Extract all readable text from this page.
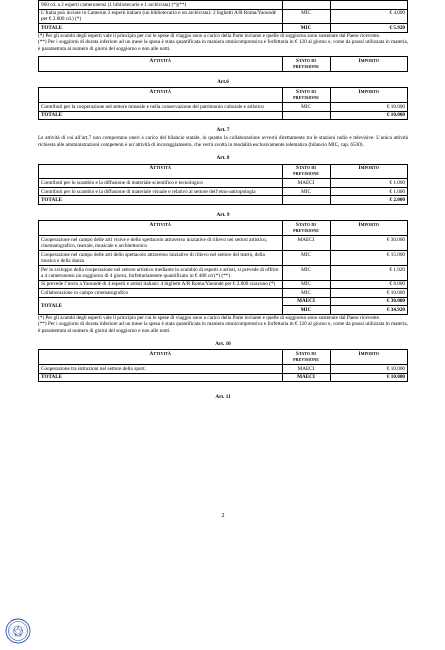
960 cd. a 2 esperti camerunensi (1 bibliotecario e 1 archivista) (*)(**)		
L’Italia può inviare in Camerun 2 esperti italiani (un bibliotecario e un archivista): 2 biglietti A/R Roma/Yaoundé per € 2.000 cd.) (*)	MIC	€ 4.000
TOTALE	MIC	€ 5.920

(*) Per gli scambi degli esperti vale il principio per cui le spese di viaggio sono a carico della Parte inviante e quelle di soggiorno sono sostenute dal Paese ricevente.

(**) Per i soggiorni di durata inferiore ad un mese la spesa è stata quantificata in maniera omnicomprensiva e forfettaria in € 120 al giorno e, come da prassi utilizzata in materia, è parametrata al numero di giorni del soggiorno e non alle notti.

Attività	Stato di previsione	Importo
Art.6
Attività	Stato di previsione	Importo
Contributi per la cooperazione nel settore museale e nella conservazione del patrimonio culturale e artistico	MIC	€ 10.000
TOTALE		€ 10.000
Art. 7

Le attività di cui all’art.7 non comportano oneri a carico del bilancio statale, in quanto la collaborazione avverrà direttamente tra le stazioni radio e televisive. L’unica attività richiesta alle amministrazioni competenti è un’attività di incoraggiamento, che verrà svolta in modalità esclusivamente telematica (bilancio MIC, cap. 6530).

Art. 8
Attività	Stato di previsione	Importo
Contributi per lo scambio e la diffusione di materiale scientifico e tecnologico	MAECI	€ 1.000
Contributi per lo scambio e la diffusione di materiale visuale e relativo al settore dell’etno-antropologia	MIC	€ 1.000
TOTALE		€ 2.000
Art. 9
Attività	Stato di previsione	Importo
Cooperazione nel campo delle arti visive e dello spettacolo attraverso iniziative di rilievo nei settori artistico, cinematografico, teatrale, musicale e architettonico	MAECI	€ 30.000
Cooperazione nel campo delle arti dello spettacolo attraverso iniziative di rilievo nel settore del teatro, della musica e della danza	MIC	€ 15.000
Per lo sviluppo della cooperazione nel settore artistico mediante lo scambio di esperti e artisti, si prevede di offrire a 4 camerunensi un soggiorno di 4 giorni, forfettariamente quantificato in € 480 cd (*) (**)	MIC	€ 1.920
Si prevede l’invio a Yaoundé di 4 esperti e artisti italiani: 4 biglietti A/R Roma/Yaoundé per € 2.000 ciascuno (*)	MIC	€ 8.000
Collaborazione in campo cinematografico	MIC	€ 10.000
TOTALE	MAECI	€ 30.000
	MIC	€ 34.920

(*) Per gli scambi degli esperti vale il principio per cui le spese di viaggio sono a carico della Parte inviante e quelle di soggiorno sono sostenute dal Paese ricevente.

(**) Per i soggiorni di durata inferiore ad un mese la spesa è stata quantificata in maniera omnicomprensiva e forfettaria in € 120 al giorno e, come da prassi utilizzata in materia, è parametrata al numero di giorni del soggiorno e non alle notti.

Art. 10
Attività	Stato di previsione	Importo
Cooperazione tra istituzioni nel settore dello sport.	MAECI	€ 10.000
TOTALE	MAECI	€ 10.000
Art. 11
2
